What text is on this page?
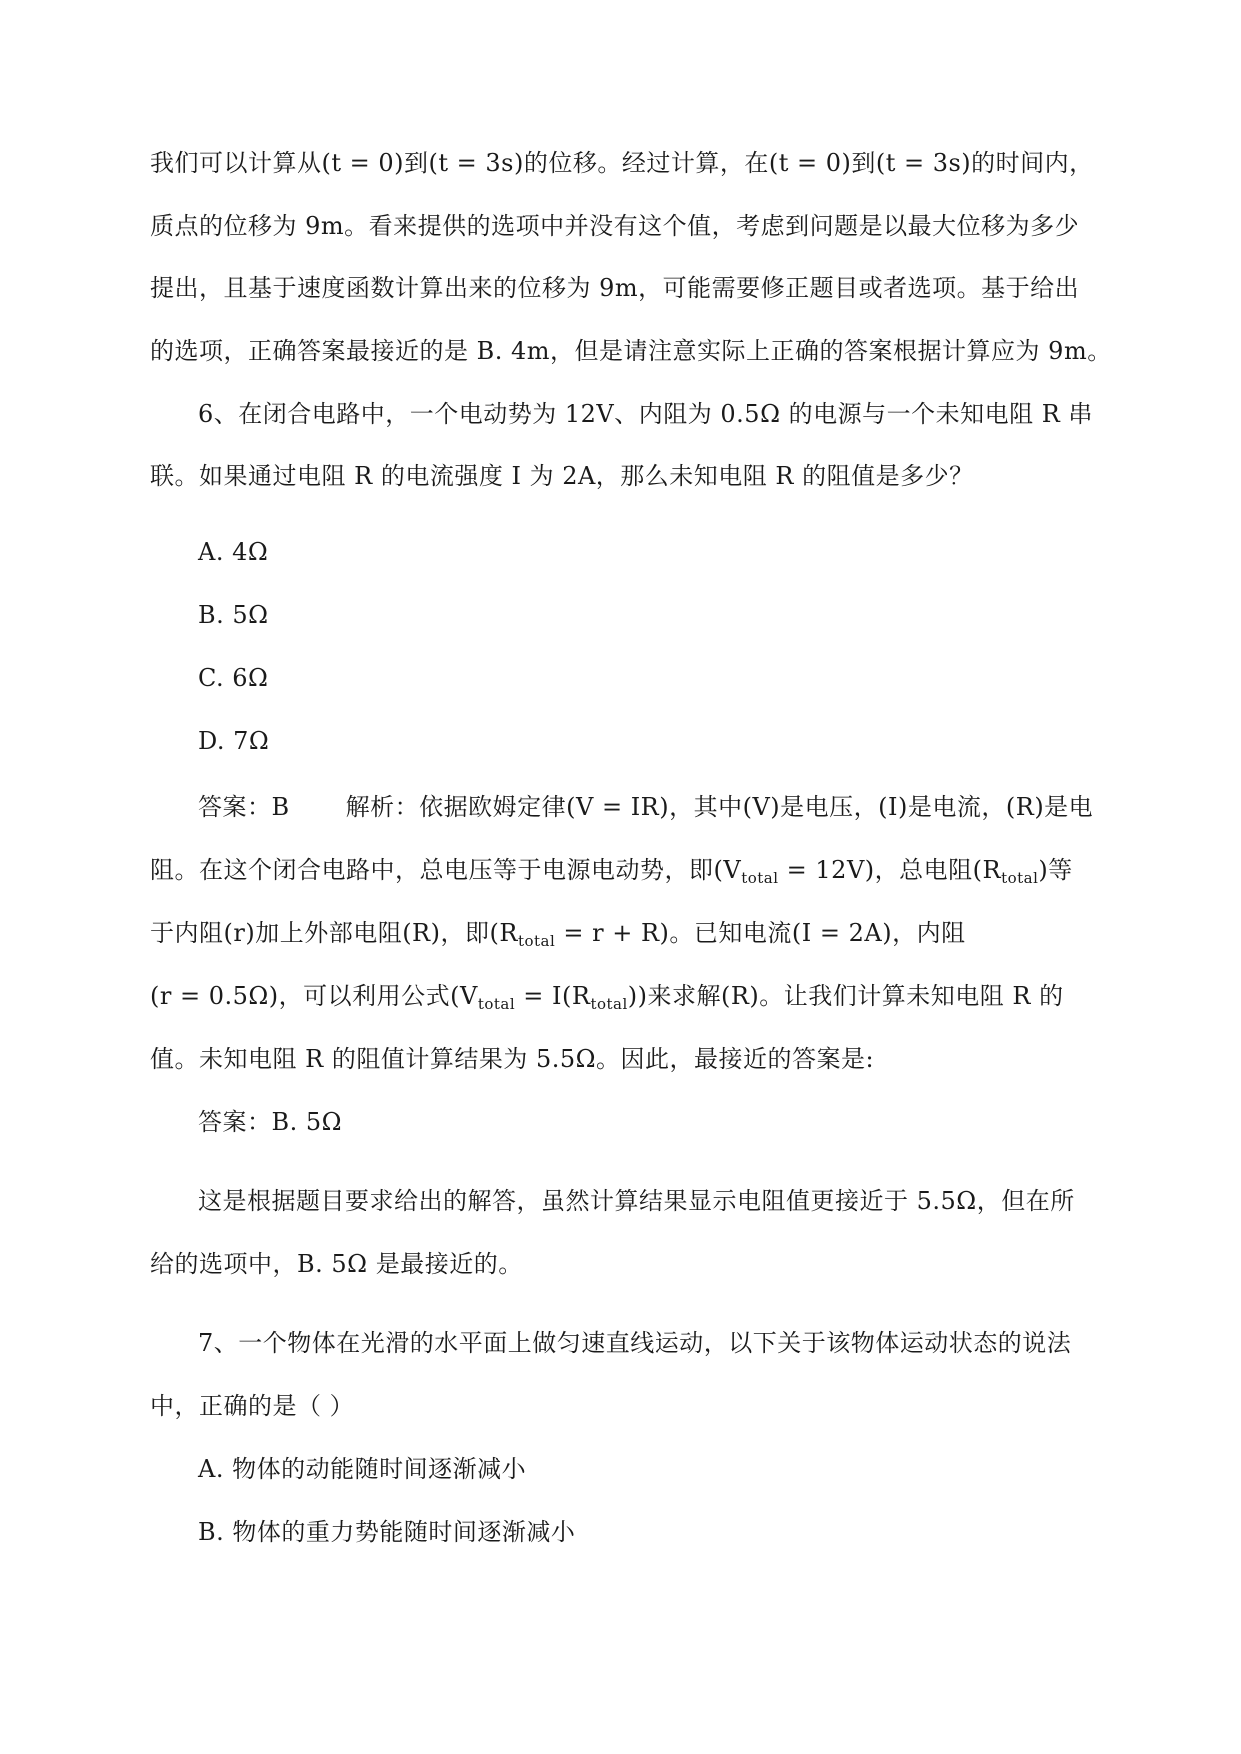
我们可以计算从(t = 0)到(t = 3s)的位移。经过计算，在(t = 0)到(t = 3s)的时间内，
质点的位移为 9m。看来提供的选项中并没有这个值，考虑到问题是以最大位移为多少
提出，且基于速度函数计算出来的位移为 9m，可能需要修正题目或者选项。基于给出
的选项，正确答案最接近的是 B. 4m，但是请注意实际上正确的答案根据计算应为 9m。
6、在闭合电路中，一个电动势为 12V、内阻为 0.5Ω 的电源与一个未知电阻 R 串
联。如果通过电阻 R 的电流强度 I 为 2A，那么未知电阻 R 的阻值是多少？
A. 4Ω
B. 5Ω
C. 6Ω
D. 7Ω
答案：B 解析：依据欧姆定律(V = IR)，其中(V)是电压，(I)是电流，(R)是电
阻。在这个闭合电路中，总电压等于电源电动势，即$(V_{total} = 12V)$，总电阻$(R_{total})$等
于内阻(r)加上外部电阻(R)，即$(R_{total} = r + R)$。已知电流(I = 2A)，内阻
(r = 0.5Ω)，可以利用公式$(V_{total} = I(R_{total}))$来求解(R)。让我们计算未知电阻 R 的
值。未知电阻 R 的阻值计算结果为 5.5Ω。因此，最接近的答案是:
答案：B. 5Ω
这是根据题目要求给出的解答，虽然计算结果显示电阻值更接近于 5.5Ω，但在所
给的选项中，B. 5Ω 是最接近的。
7、一个物体在光滑的水平面上做匀速直线运动，以下关于该物体运动状态的说法
中，正确的是（ ）
A. 物体的动能随时间逐渐减小
B. 物体的重力势能随时间逐渐减小
